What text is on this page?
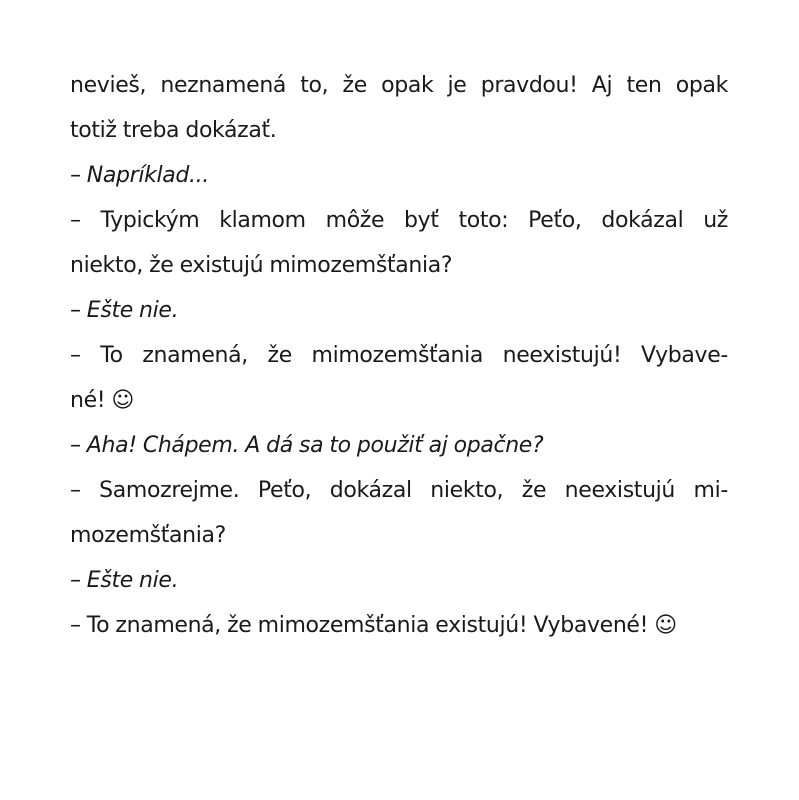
nevieš, neznamená to, že opak je pravdou! Aj ten opak
totiž treba dokázať.
– Napríklad...
– Typickým klamom môže byť toto: Peťo, dokázal už
niekto, že existujú mimozemšťania?
– Ešte nie.
– To znamená, že mimozemšťania neexistujú! Vybave-
né! ☺
– Aha! Chápem. A dá sa to použiť aj opačne?
– Samozrejme. Peťo, dokázal niekto, že neexistujú mi-
mozemšťania?
– Ešte nie.
– To znamená, že mimozemšťania existujú! Vybavené! ☺
